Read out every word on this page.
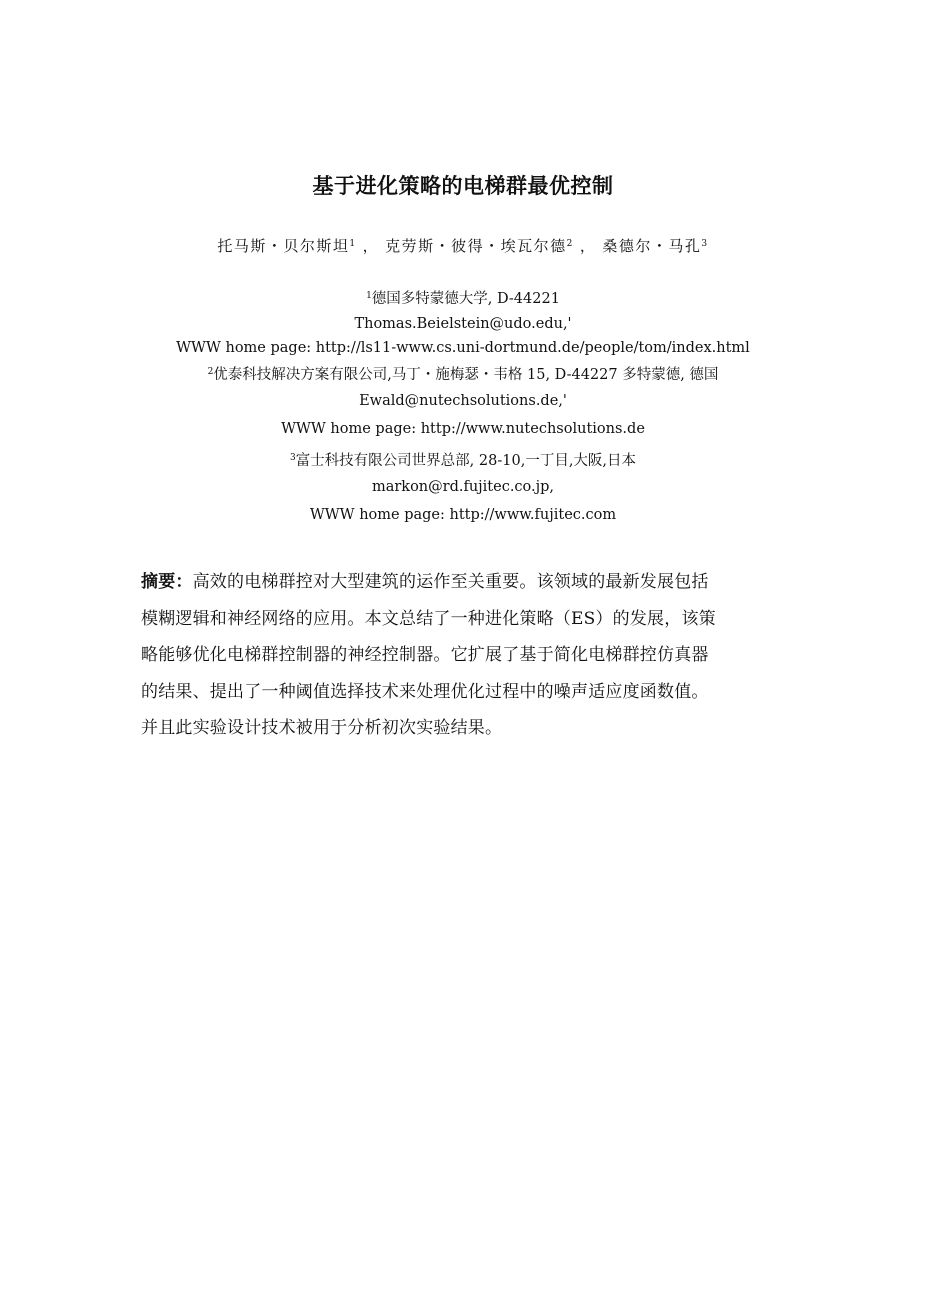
基于进化策略的电梯群最优控制
托马斯・贝尔斯坦$^1$ ， 克劳斯・彼得・埃瓦尔德$^2$ ， 桑德尔・马孔$^3$
$^1$德国多特蒙德大学, D-44221
Thomas.Beielstein@udo.edu,'
WWW home page: http://ls11-www.cs.uni-dortmund.de/people/tom/index.html
$^2$优泰科技解决方案有限公司,马丁・施梅瑟・韦格 15, D-44227 多特蒙德, 德国
Ewald@nutechsolutions.de,'
WWW home page: http://www.nutechsolutions.de
$^3$富士科技有限公司世界总部, 28-10,一丁目,大阪,日本
markon@rd.fujitec.co.jp,
WWW home page: http://www.fujitec.com
摘要：高效的电梯群控对大型建筑的运作至关重要。该领域的最新发展包括
模糊逻辑和神经网络的应用。本文总结了一种进化策略（ES）的发展，该策
略能够优化电梯群控制器的神经控制器。它扩展了基于简化电梯群控仿真器
的结果、提出了一种阈值选择技术来处理优化过程中的噪声适应度函数值。
并且此实验设计技术被用于分析初次实验结果。
